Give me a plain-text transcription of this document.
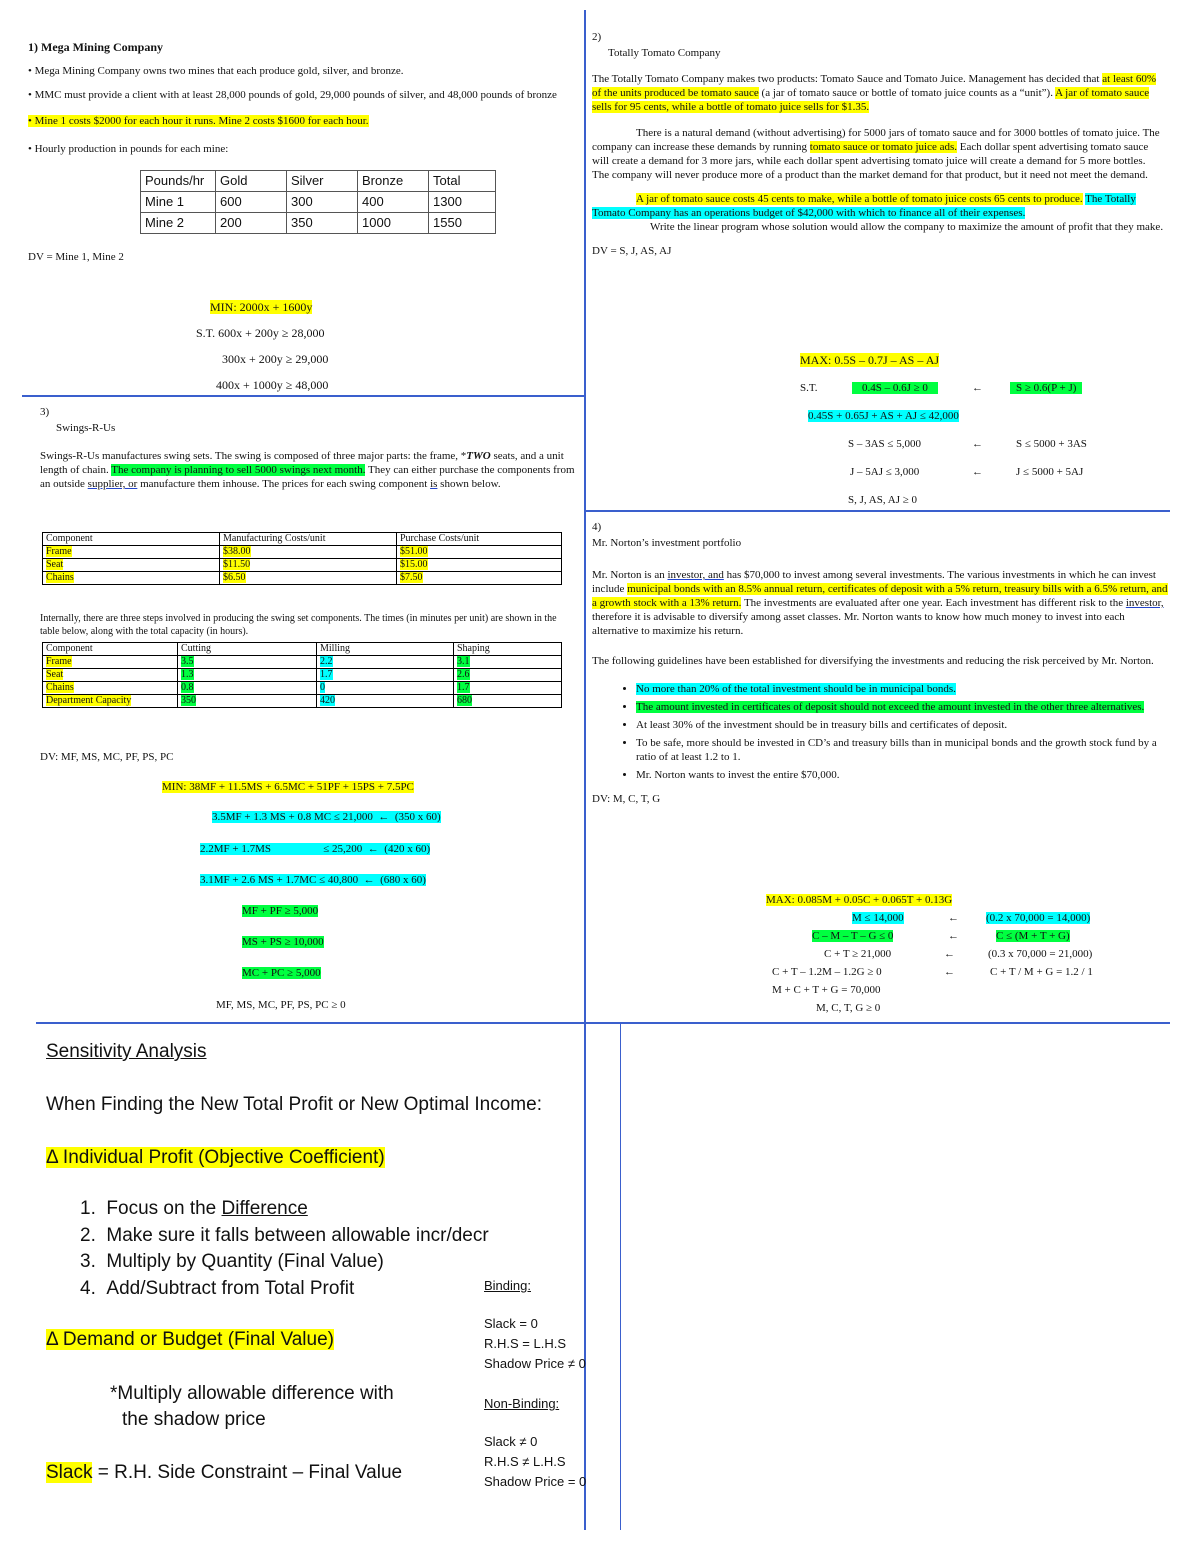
1) Mega Mining Company

• Mega Mining Company owns two mines that each produce gold, silver, and bronze.

• MMC must provide a client with at least 28,000 pounds of gold, 29,000 pounds of silver, and 48,000 pounds of bronze

• Mine 1 costs $2000 for each hour it runs. Mine 2 costs $1600 for each hour.

• Hourly production in pounds for each mine:

Pounds/hr	Gold	Silver	Bronze	Total
Mine 1	600	300	400	1300
Mine 2	200	350	1000	1550

DV = Mine 1, Mine 2

MIN: 2000x + 1600y
S.T. 600x + 200y ≥ 28,000
300x + 200y ≥ 29,000
400x + 1000y ≥ 48,000

2)

Totally Tomato Company

The Totally Tomato Company makes two products: Tomato Sauce and Tomato Juice. Management has decided that at least 60% of the units produced be tomato sauce (a jar of tomato sauce or bottle of tomato juice counts as a “unit”). A jar of tomato sauce sells for 95 cents, while a bottle of tomato juice sells for $1.35.

There is a natural demand (without advertising) for 5000 jars of tomato sauce and for 3000 bottles of tomato juice. The company can increase these demands by running tomato sauce or tomato juice ads. Each dollar spent advertising tomato sauce will create a demand for 3 more jars, while each dollar spent advertising tomato juice will create a demand for 5 more bottles. The company will never produce more of a product than the market demand for that product, but it need not meet the demand.

A jar of tomato sauce costs 45 cents to make, while a bottle of tomato juice costs 65 cents to produce. The Totally Tomato Company has an operations budget of $42,000 with which to finance all of their expenses.

Write the linear program whose solution would allow the company to maximize the amount of profit that they make.

DV = S, J, AS, AJ

MAX: 0.5S – 0.7J – AS – AJ
S.T.	0.4S – 0.6J ≥ 0	←	S ≥ 0.6(P + J)
0.45S + 0.65J + AS + AJ ≤ 42,000
S – 3AS ≤ 5,000	←	S ≤ 5000 + 3AS
J – 5AJ ≤ 3,000	←	J ≤ 5000 + 5AJ
S, J, AS, AJ ≥ 0

3)

Swings-R-Us

Swings-R-Us manufactures swing sets. The swing is composed of three major parts: the frame, *TWO seats, and a unit length of chain. The company is planning to sell 5000 swings next month. They can either purchase the components from an outside supplier, or manufacture them inhouse. The prices for each swing component is shown below.

Component	Manufacturing Costs/unit	Purchase Costs/unit
Frame	$38.00	$51.00
Seat	$11.50	$15.00
Chains	$6.50	$7.50
Internally, there are three steps involved in producing the swing set components. The times (in minutes per unit) are shown in the table below, along with the total capacity (in hours).
Component	Cutting	Milling	Shaping
Frame	3.5	2.2	3.1
Seat	1.3	1.7	2.6
Chains	0.8	0	1.7
Department Capacity	350	420	680
DV: MF, MS, MC, PF, PS, PC
MIN: 38MF + 11.5MS + 6.5MC + 51PF + 15PS + 7.5PC
3.5MF + 1.3 MS + 0.8 MC ≤ 21,000  ←  (350 x 60)
2.2MF + 1.7MS                   ≤ 25,200  ←  (420 x 60)
3.1MF + 2.6 MS + 1.7MC ≤ 40,800  ←  (680 x 60)
MF + PF ≥ 5,000
MS + PS ≥ 10,000
MC + PC ≥ 5,000
MF, MS, MC, PF, PS, PC ≥ 0

4)

Mr. Norton’s investment portfolio

Mr. Norton is an investor, and has $70,000 to invest among several investments. The various investments in which he can invest include municipal bonds with an 8.5% annual return, certificates of deposit with a 5% return, treasury bills with a 6.5% return, and a growth stock with a 13% return. The investments are evaluated after one year. Each investment has different risk to the investor, therefore it is advisable to diversify among asset classes. Mr. Norton wants to know how much money to invest into each alternative to maximize his return.

The following guidelines have been established for diversifying the investments and reducing the risk perceived by Mr. Norton.

• No more than 20% of the total investment should be in municipal bonds.
• The amount invested in certificates of deposit should not exceed the amount invested in the other three alternatives.
• At least 30% of the investment should be in treasury bills and certificates of deposit.
• To be safe, more should be invested in CD’s and treasury bills than in municipal bonds and the growth stock fund by a ratio of at least 1.2 to 1.
• Mr. Norton wants to invest the entire $70,000.

DV: M, C, T, G

MAX: 0.085M + 0.05C + 0.065T + 0.13G
M ≤ 14,000	← (0.2 x 70,000 = 14,000)
C – M – T – G ≤ 0	←	C ≤ (M + T + G)
C + T ≥ 21,000	←	(0.3 x 70,000 = 21,000)
C + T – 1.2M – 1.2G ≥ 0	←	C + T / M + G = 1.2 / 1
M + C + T + G = 70,000
M, C, T, G ≥ 0

Sensitivity Analysis

When Finding the New Total Profit or New Optimal Income:

Δ Individual Profit (Objective Coefficient)

1.  Focus on the Difference

2.  Make sure it falls between allowable incr/decr

3.  Multiply by Quantity (Final Value)

4.  Add/Subtract from Total Profit

Δ Demand or Budget (Final Value)
*Multiply allowable difference with
the shadow price
Slack = R.H. Side Constraint – Final Value

Binding:

Slack = 0

R.H.S = L.H.S

Shadow Price ≠ 0

Non-Binding:

Slack ≠ 0

R.H.S ≠ L.H.S

Shadow Price = 0
